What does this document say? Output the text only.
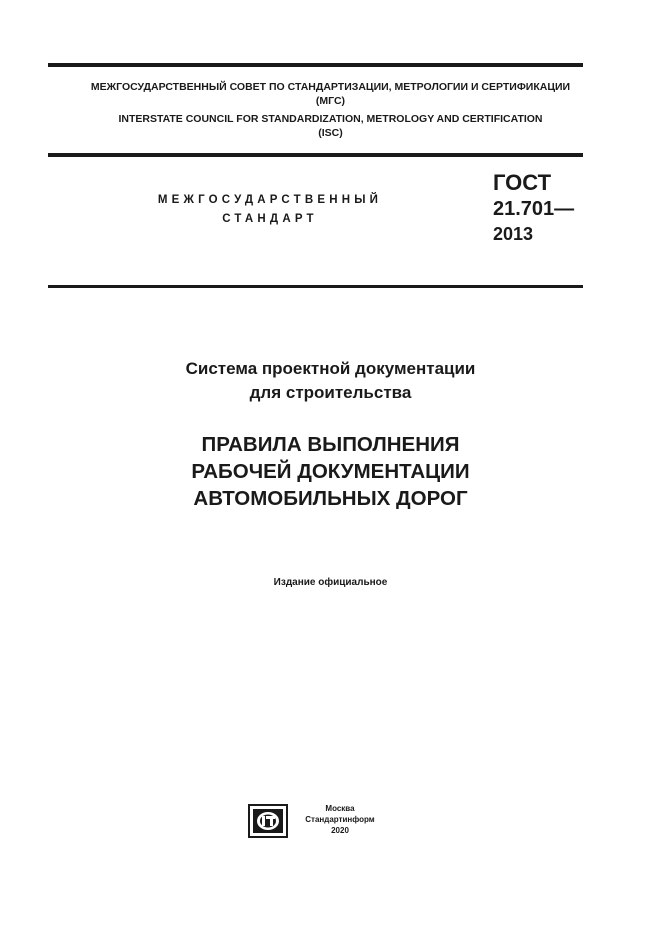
МЕЖГОСУДАРСТВЕННЫЙ СОВЕТ ПО СТАНДАРТИЗАЦИИ, МЕТРОЛОГИИ И СЕРТИФИКАЦИИ
(МГС)
INTERSTATE COUNCIL FOR STANDARDIZATION, METROLOGY AND CERTIFICATION
(ISC)
МЕЖГОСУДАРСТВЕННЫЙ
СТАНДАРТ
ГОСТ
21.701—
2013
Система проектной документации
для строительства
ПРАВИЛА ВЫПОЛНЕНИЯ
РАБОЧЕЙ ДОКУМЕНТАЦИИ
АВТОМОБИЛЬНЫХ ДОРОГ
Издание официальное
Москва
Стандартинформ
2020
